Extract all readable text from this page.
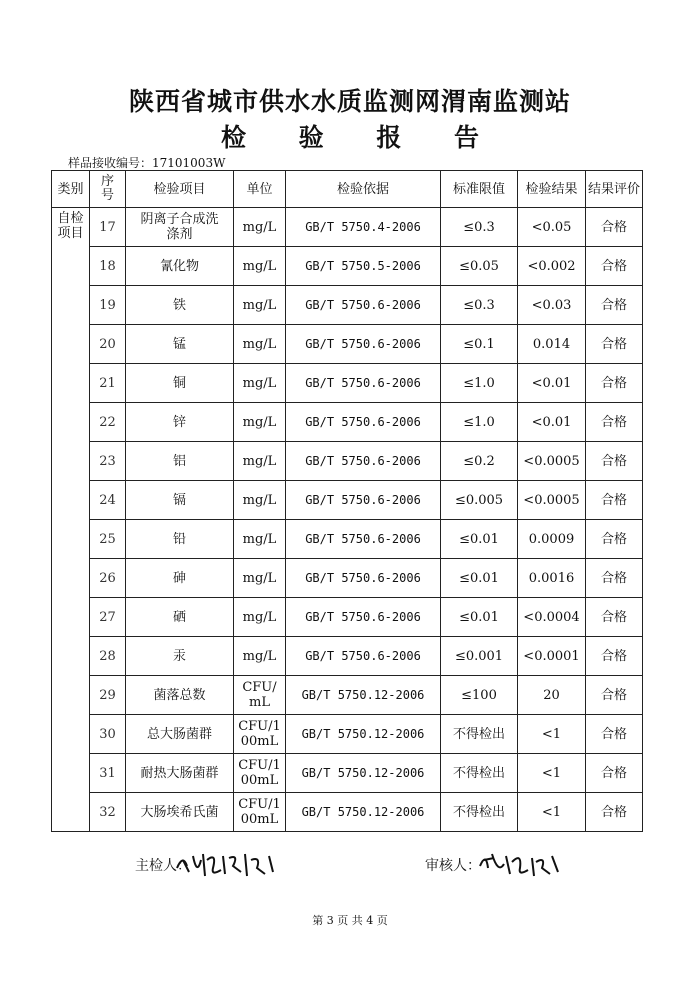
陕西省城市供水水质监测网渭南监测站
检 验 报 告
样品接收编号：17101003W
类别	序号	检验项目	单位	检验依据	标准限值	检验结果	结果评价

自检
项目	17	阴离子合成洗涤剂	mg/L	GB/T 5750.4-2006	≤0.3	<0.05	合格
	18	氰化物	mg/L	GB/T 5750.5-2006	≤0.05	<0.002	合格
	19	铁	mg/L	GB/T 5750.6-2006	≤0.3	<0.03	合格
	20	锰	mg/L	GB/T 5750.6-2006	≤0.1	0.014	合格
	21	铜	mg/L	GB/T 5750.6-2006	≤1.0	<0.01	合格
	22	锌	mg/L	GB/T 5750.6-2006	≤1.0	<0.01	合格
	23	铝	mg/L	GB/T 5750.6-2006	≤0.2	<0.0005	合格
	24	镉	mg/L	GB/T 5750.6-2006	≤0.005	<0.0005	合格
	25	铅	mg/L	GB/T 5750.6-2006	≤0.01	0.0009	合格
	26	砷	mg/L	GB/T 5750.6-2006	≤0.01	0.0016	合格
	27	硒	mg/L	GB/T 5750.6-2006	≤0.01	<0.0004	合格
	28	汞	mg/L	GB/T 5750.6-2006	≤0.001	<0.0001	合格
	29	菌落总数	CFU/mL	GB/T 5750.12-2006	≤100	20	合格
	30	总大肠菌群	CFU/100mL	GB/T 5750.12-2006	不得检出	<1	合格
	31	耐热大肠菌群	CFU/100mL	GB/T 5750.12-2006	不得检出	<1	合格
	32	大肠埃希氏菌	CFU/100mL	GB/T 5750.12-2006	不得检出	<1	合格
主检人：	审核人：
第 3 页 共 4 页
